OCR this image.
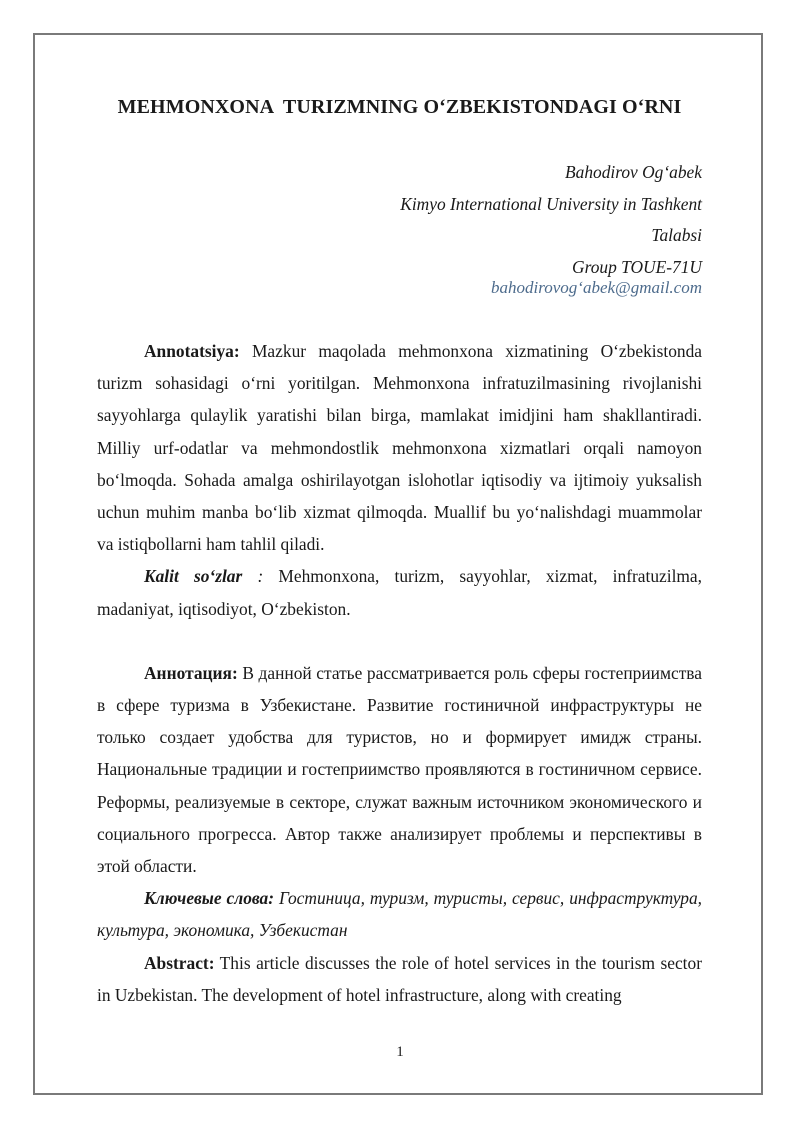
MEHMONXONA  TURIZMNING O‘ZBEKISTONDAGI O‘RNI
Bahodirov Og‘abek
Kimyo International University in Tashkent
Talabsi
Group TOUE-71U
bahodirovog‘abek@gmail.com

Annotatsiya: Mazkur maqolada mehmonxona xizmatining O‘zbekistonda turizm sohasidagi o‘rni yoritilgan. Mehmonxona infratuzilmasining rivojlanishi sayyohlarga qulaylik yaratishi bilan birga, mamlakat imidjini ham shakllantiradi. Milliy urf-odatlar va mehmondostlik mehmonxona xizmatlari orqali namoyon bo‘lmoqda. Sohada amalga oshirilayotgan islohotlar iqtisodiy va ijtimoiy yuksalish uchun muhim manba bo‘lib xizmat qilmoqda. Muallif bu yo‘nalishdagi muammolar va istiqbollarni ham tahlil qiladi.

Kalit so‘zlar : Mehmonxona, turizm, sayyohlar, xizmat, infratuzilma, madaniyat, iqtisodiyot, O‘zbekiston.

Аннотация: В данной статье рассматривается роль сферы гостеприимства в сфере туризма в Узбекистане. Развитие гостиничной инфраструктуры не только создает удобства для туристов, но и формирует имидж страны. Национальные традиции и гостеприимство проявляются в гостиничном сервисе. Реформы, реализуемые в секторе, служат важным источником экономического и социального прогресса. Автор также анализирует проблемы и перспективы в этой области.

Ключевые слова: Гостиница, туризм, туристы, сервис, инфраструктура, культура, экономика, Узбекистан

Abstract: This article discusses the role of hotel services in the tourism sector in Uzbekistan. The development of hotel infrastructure, along with creating

1
